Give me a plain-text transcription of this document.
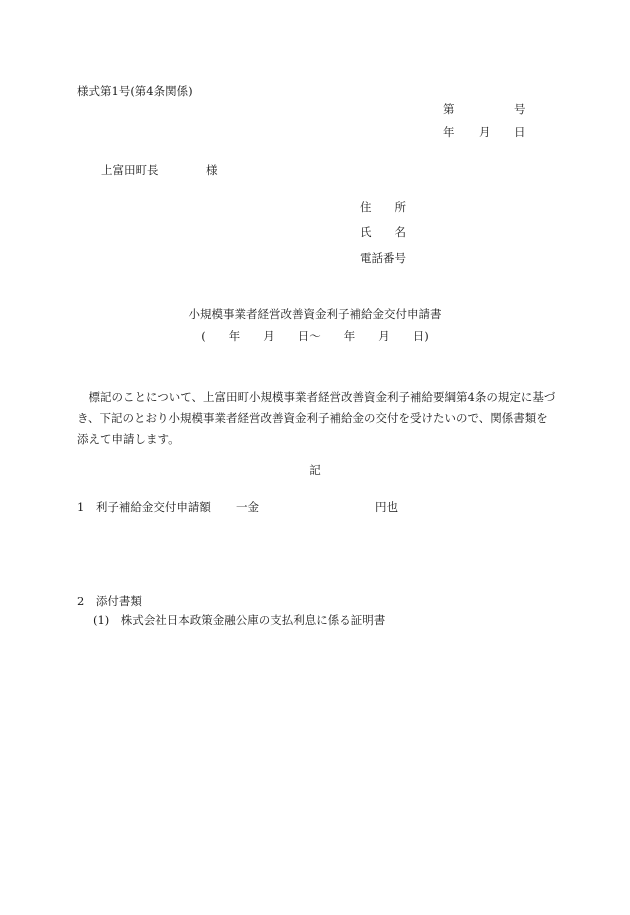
様式第1号(第4条関係)
第	号
年 月 日
上富田町長	様
住　　所
氏　　名
電話番号
小規模事業者経営改善資金利子補給金交付申請書
(　　年　　月　　日〜　　年　　月　　日)
標記のことについて、上富田町小規模事業者経営改善資金利子補給要綱第4条の規定に基づき、下記のとおり小規模事業者経営改善資金利子補給金の交付を受けたいので、関係書類を添えて申請します。
記
1　利子補給金交付申請額 一金	円也
2　添付書類
(1)　株式会社日本政策金融公庫の支払利息に係る証明書
